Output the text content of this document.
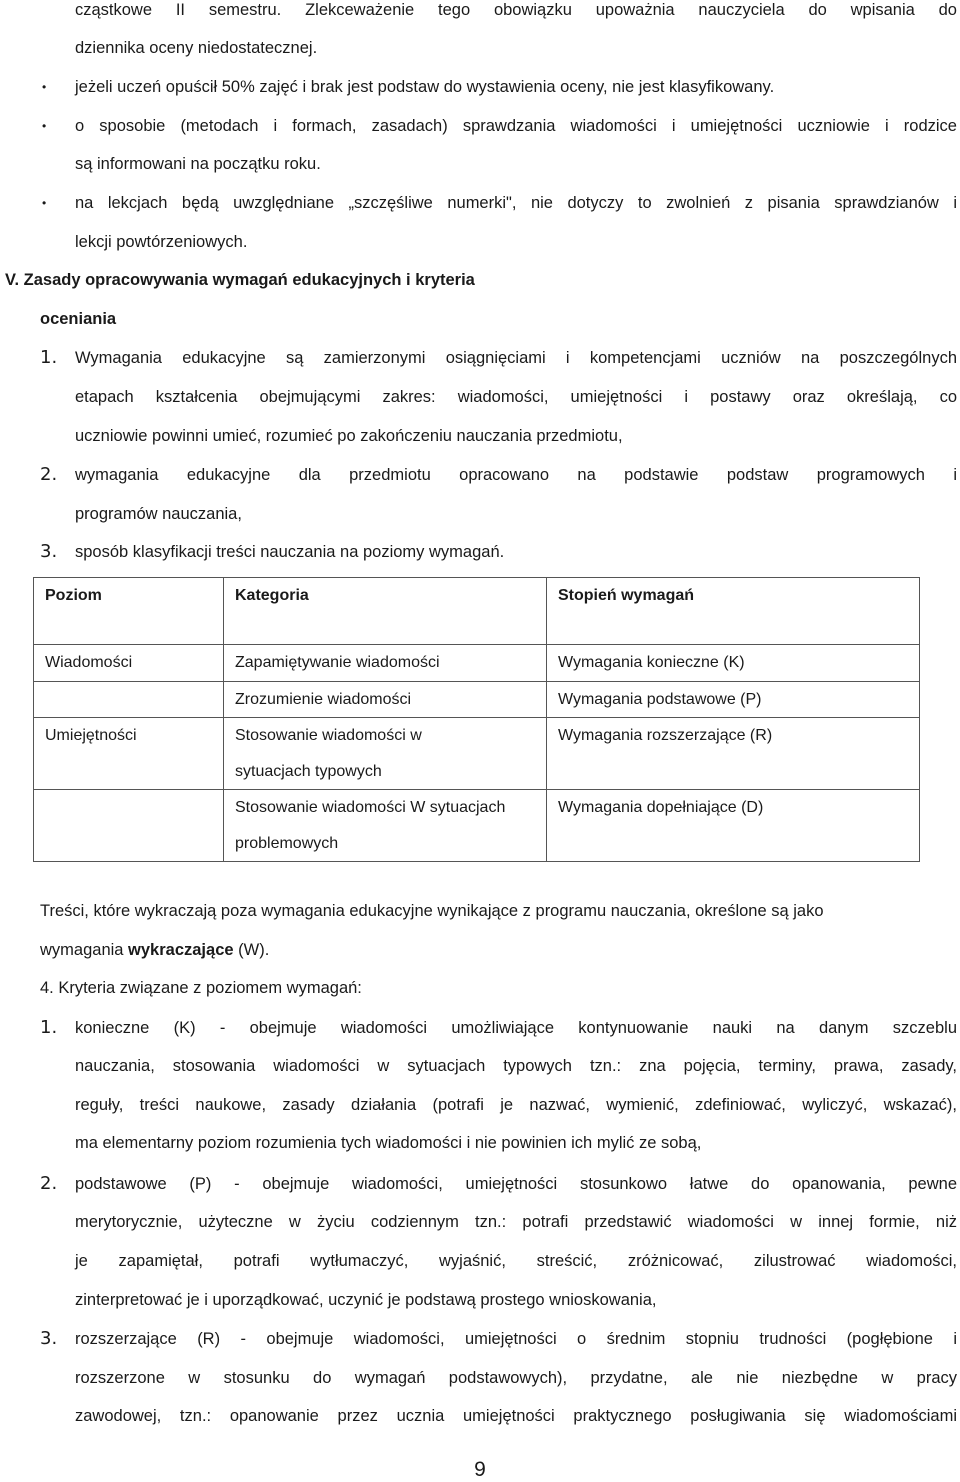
cząstkowe II semestru. Zlekceważenie tego obowiązku upoważnia nauczyciela do wpisania do
dziennika oceny niedostatecznej.
• jeżeli uczeń opuścił 50% zajęć i brak jest podstaw do wystawienia oceny, nie jest klasyfikowany.
• o sposobie (metodach i formach, zasadach) sprawdzania wiadomości i umiejętności uczniowie i rodzice
są informowani na początku roku.
• na lekcjach będą uwzględniane „szczęśliwe numerki", nie dotyczy to zwolnień z pisania sprawdzianów i
lekcji powtórzeniowych.
V. Zasady opracowywania wymagań edukacyjnych i kryteria
oceniania
1. Wymagania edukacyjne są zamierzonymi osiągnięciami i kompetencjami uczniów na poszczególnych
etapach kształcenia obejmującymi zakres: wiadomości, umiejętności i postawy oraz określają, co
uczniowie powinni umieć, rozumieć po zakończeniu nauczania przedmiotu,
2. wymagania edukacyjne dla przedmiotu opracowano na podstawie podstaw programowych i
programów nauczania,
3. sposób klasyfikacji treści nauczania na poziomy wymagań.
Poziom	Kategoria	Stopień wymagań
Wiadomości	Zapamiętywanie wiadomości	Wymagania konieczne (K)
	Zrozumienie wiadomości	Wymagania podstawowe (P)
Umiejętności	Stosowanie wiadomości w sytuacjach typowych	Wymagania rozszerzające (R)
	Stosowanie wiadomości W sytuacjach problemowych	Wymagania dopełniające (D)
Treści, które wykraczają poza wymagania edukacyjne wynikające z programu nauczania, określone są jako
wymagania wykraczające (W).
4. Kryteria związane z poziomem wymagań:
1. konieczne (K) - obejmuje wiadomości umożliwiające kontynuowanie nauki na danym szczeblu
nauczania, stosowania wiadomości w sytuacjach typowych tzn.: zna pojęcia, terminy, prawa, zasady,
reguły, treści naukowe, zasady działania (potrafi je nazwać, wymienić, zdefiniować, wyliczyć, wskazać),
ma elementarny poziom rozumienia tych wiadomości i nie powinien ich mylić ze sobą,
2. podstawowe (P) - obejmuje wiadomości, umiejętności stosunkowo łatwe do opanowania, pewne
merytorycznie, użyteczne w życiu codziennym tzn.: potrafi przedstawić wiadomości w innej formie, niż
je zapamiętał, potrafi wytłumaczyć, wyjaśnić, streścić, zróżnicować, zilustrować wiadomości,
zinterpretować je i uporządkować, uczynić je podstawą prostego wnioskowania,
3. rozszerzające (R) - obejmuje wiadomości, umiejętności o średnim stopniu trudności (pogłębione i
rozszerzone w stosunku do wymagań podstawowych), przydatne, ale nie niezbędne w pracy
zawodowej, tzn.: opanowanie przez ucznia umiejętności praktycznego posługiwania się wiadomościami
9
